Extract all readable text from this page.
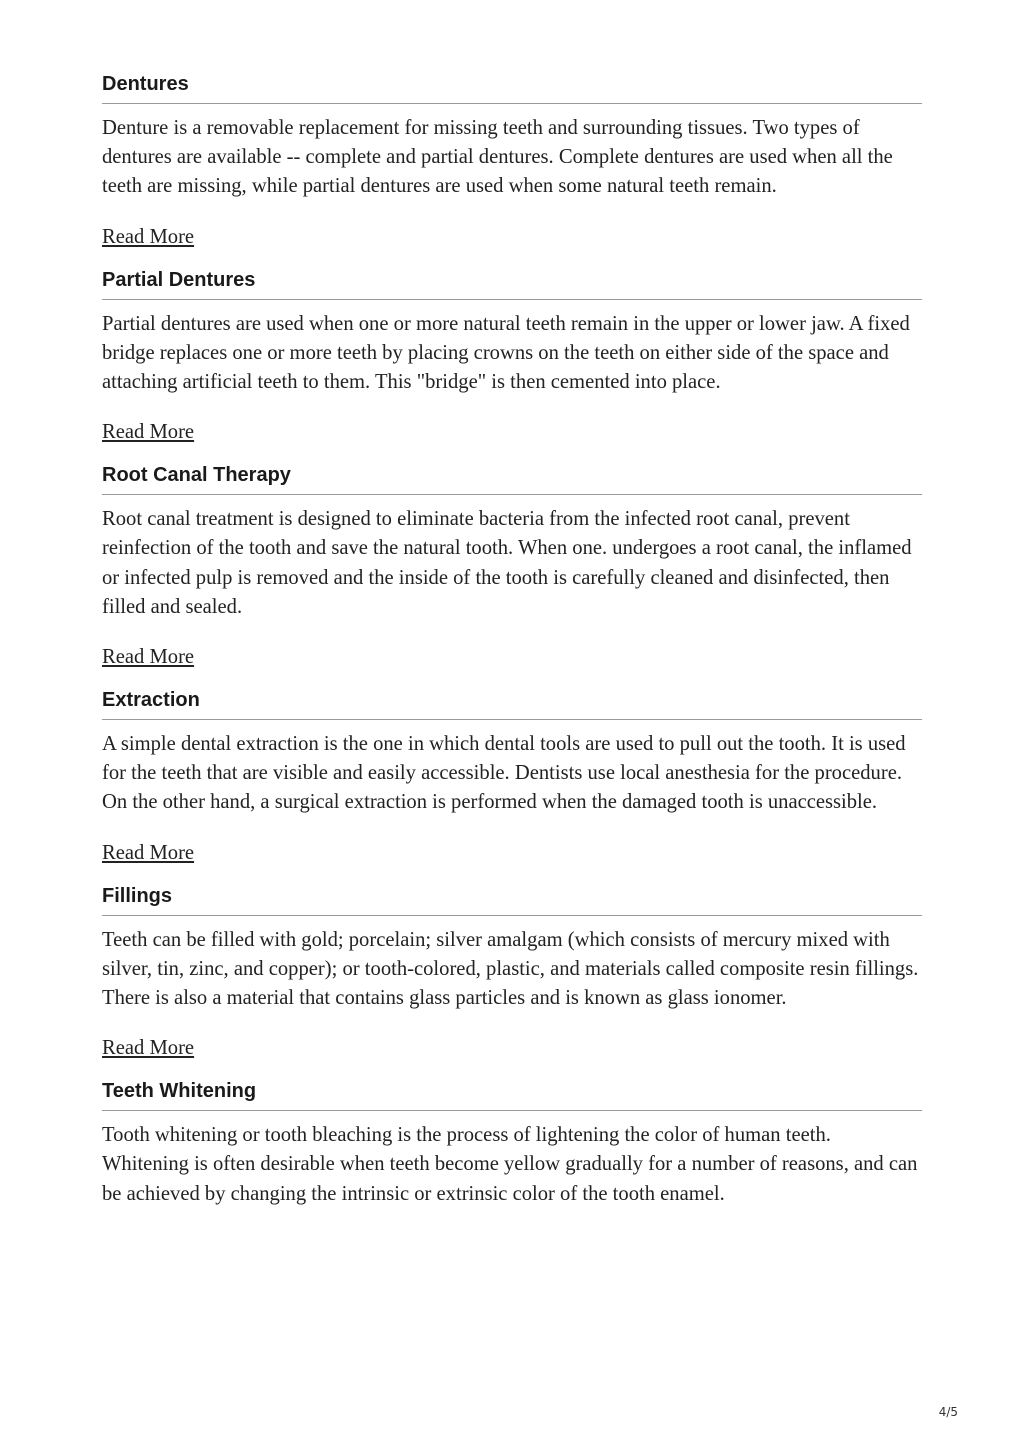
Dentures

Denture is a removable replacement for missing teeth and surrounding tissues. Two types of dentures are available -- complete and partial dentures. Complete dentures are used when all the teeth are missing, while partial dentures are used when some natural teeth remain.

Read More
Partial Dentures

Partial dentures are used when one or more natural teeth remain in the upper or lower jaw. A fixed bridge replaces one or more teeth by placing crowns on the teeth on either side of the space and attaching artificial teeth to them. This "bridge" is then cemented into place.

Read More
Root Canal Therapy

Root canal treatment is designed to eliminate bacteria from the infected root canal, prevent reinfection of the tooth and save the natural tooth. When one. undergoes a root canal, the inflamed or infected pulp is removed and the inside of the tooth is carefully cleaned and disinfected, then filled and sealed.

Read More
Extraction

A simple dental extraction is the one in which dental tools are used to pull out the tooth. It is used for the teeth that are visible and easily accessible. Dentists use local anesthesia for the procedure. On the other hand, a surgical extraction is performed when the damaged tooth is unaccessible.

Read More
Fillings

Teeth can be filled with gold; porcelain; silver amalgam (which consists of mercury mixed with silver, tin, zinc, and copper); or tooth-colored, plastic, and materials called composite resin fillings. There is also a material that contains glass particles and is known as glass ionomer.

Read More
Teeth Whitening

Tooth whitening or tooth bleaching is the process of lightening the color of human teeth. Whitening is often desirable when teeth become yellow gradually for a number of reasons, and can be achieved by changing the intrinsic or extrinsic color of the tooth enamel.

4/5
